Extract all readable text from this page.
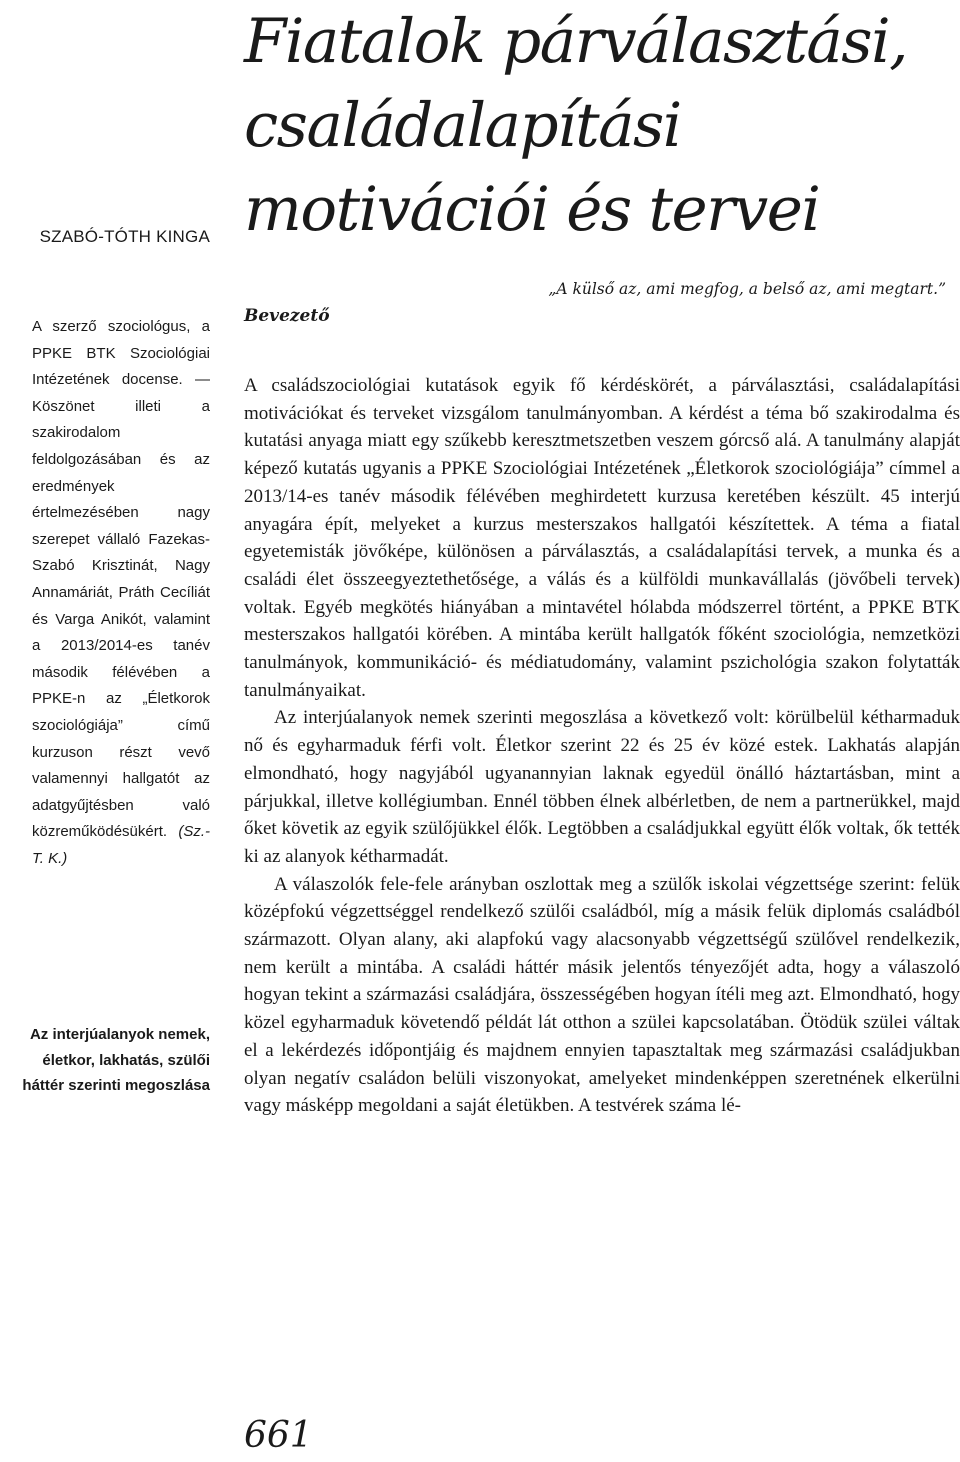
Fiatalok párválasztási,
családalapítási
motivációi és tervei
SZABÓ-TÓTH KINGA
A szerző szociológus, a PPKE BTK Szociológiai Intézetének docense. — Köszönet illeti a szakirodalom feldolgozásában és az eredmények értelmezésében nagy szerepet vállaló Fazekas-Szabó Krisztinát, Nagy Annamáriát, Práth Cecíliát és Varga Anikót, valamint a 2013/2014-es tanév második félévében a PPKE-n az „Életkorok szociológiája” című kurzuson részt vevő valamennyi hallgatót az adatgyűjtésben való közreműködésükért. (Sz.-T. K.)
Az interjúalanyok nemek, életkor, lakhatás, szülői háttér szerinti megoszlása
„A külső az, ami megfog, a belső az, ami megtart.”
Bevezető

A családszociológiai kutatások egyik fő kérdéskörét, a párválasztási, családalapítási motivációkat és terveket vizsgálom tanulmányomban. A kérdést a téma bő szakirodalma és kutatási anyaga miatt egy szűkebb keresztmetszetben veszem górcső alá. A tanulmány alapját képező kutatás ugyanis a PPKE Szociológiai Intézetének „Életkorok szociológiája” címmel a 2013/14-es tanév második félévében meghirdetett kurzusa keretében készült. 45 interjú anyagára épít, melyeket a kurzus mesterszakos hallgatói készítettek. A téma a fiatal egyetemisták jövőképe, különösen a párválasztás, a családalapítási tervek, a munka és a családi élet összeegyeztethetősége, a válás és a külföldi munkavállalás (jövőbeli tervek) voltak. Egyéb megkötés hiányában a mintavétel hólabda módszerrel történt, a PPKE BTK mesterszakos hallgatói körében. A mintába került hallgatók főként szociológia, nemzetközi tanulmányok, kommunikáció- és médiatudomány, valamint pszichológia szakon folytatták tanulmányaikat.

Az interjúalanyok nemek szerinti megoszlása a következő volt: körülbelül kétharmaduk nő és egyharmaduk férfi volt. Életkor szerint 22 és 25 év közé estek. Lakhatás alapján elmondható, hogy nagyjából ugyanannyian laknak egyedül önálló háztartásban, mint a párjukkal, illetve kollégiumban. Ennél többen élnek albérletben, de nem a partnerükkel, majd őket követik az egyik szülőjükkel élők. Legtöbben a családjukkal együtt élők voltak, ők tették ki az alanyok kétharmadát.

A válaszolók fele-fele arányban oszlottak meg a szülők iskolai végzettsége szerint: felük középfokú végzettséggel rendelkező szülői családból, míg a másik felük diplomás családból származott. Olyan alany, aki alapfokú vagy alacsonyabb végzettségű szülővel rendelkezik, nem került a mintába. A családi háttér másik jelentős tényezőjét adta, hogy a válaszoló hogyan tekint a származási családjára, összességében hogyan ítéli meg azt. Elmondható, hogy közel egyharmaduk követendő példát lát otthon a szülei kapcsolatában. Ötödük szülei váltak el a lekérdezés időpontjáig és majdnem ennyien tapasztaltak meg származási családjukban olyan negatív családon belüli viszonyokat, amelyeket mindenképpen szeretnének elkerülni vagy másképp megoldani a saját életükben. A testvérek száma lé-

661
